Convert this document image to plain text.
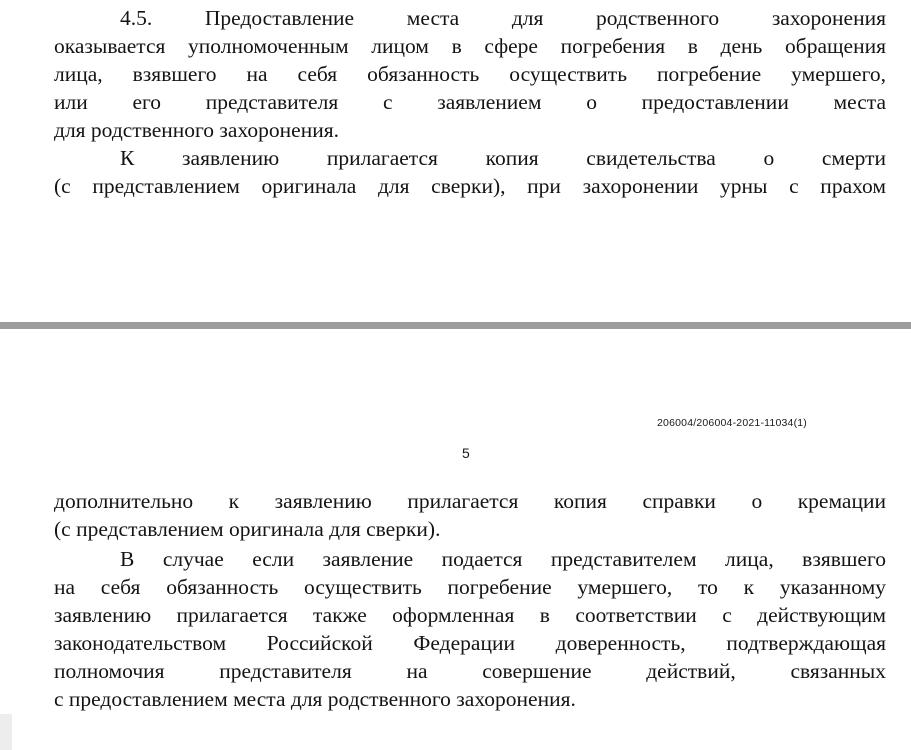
4.5. Предоставление места для родственного захоронения
оказывается уполномоченным лицом в сфере погребения в день обращения
лица, взявшего на себя обязанность осуществить погребение умершего,
или его представителя с заявлением о предоставлении места
для родственного захоронения.
К заявлению прилагается копия свидетельства о смерти
(с представлением оригинала для сверки), при захоронении урны с прахом
206004/206004-2021-11034(1)
5
дополнительно к заявлению прилагается копия справки о кремации
(с представлением оригинала для сверки).
В случае если заявление подается представителем лица, взявшего
на себя обязанность осуществить погребение умершего, то к указанному
заявлению прилагается также оформленная в соответствии с действующим
законодательством Российской Федерации доверенность, подтверждающая
полномочия представителя на совершение действий, связанных
с предоставлением места для родственного захоронения.
